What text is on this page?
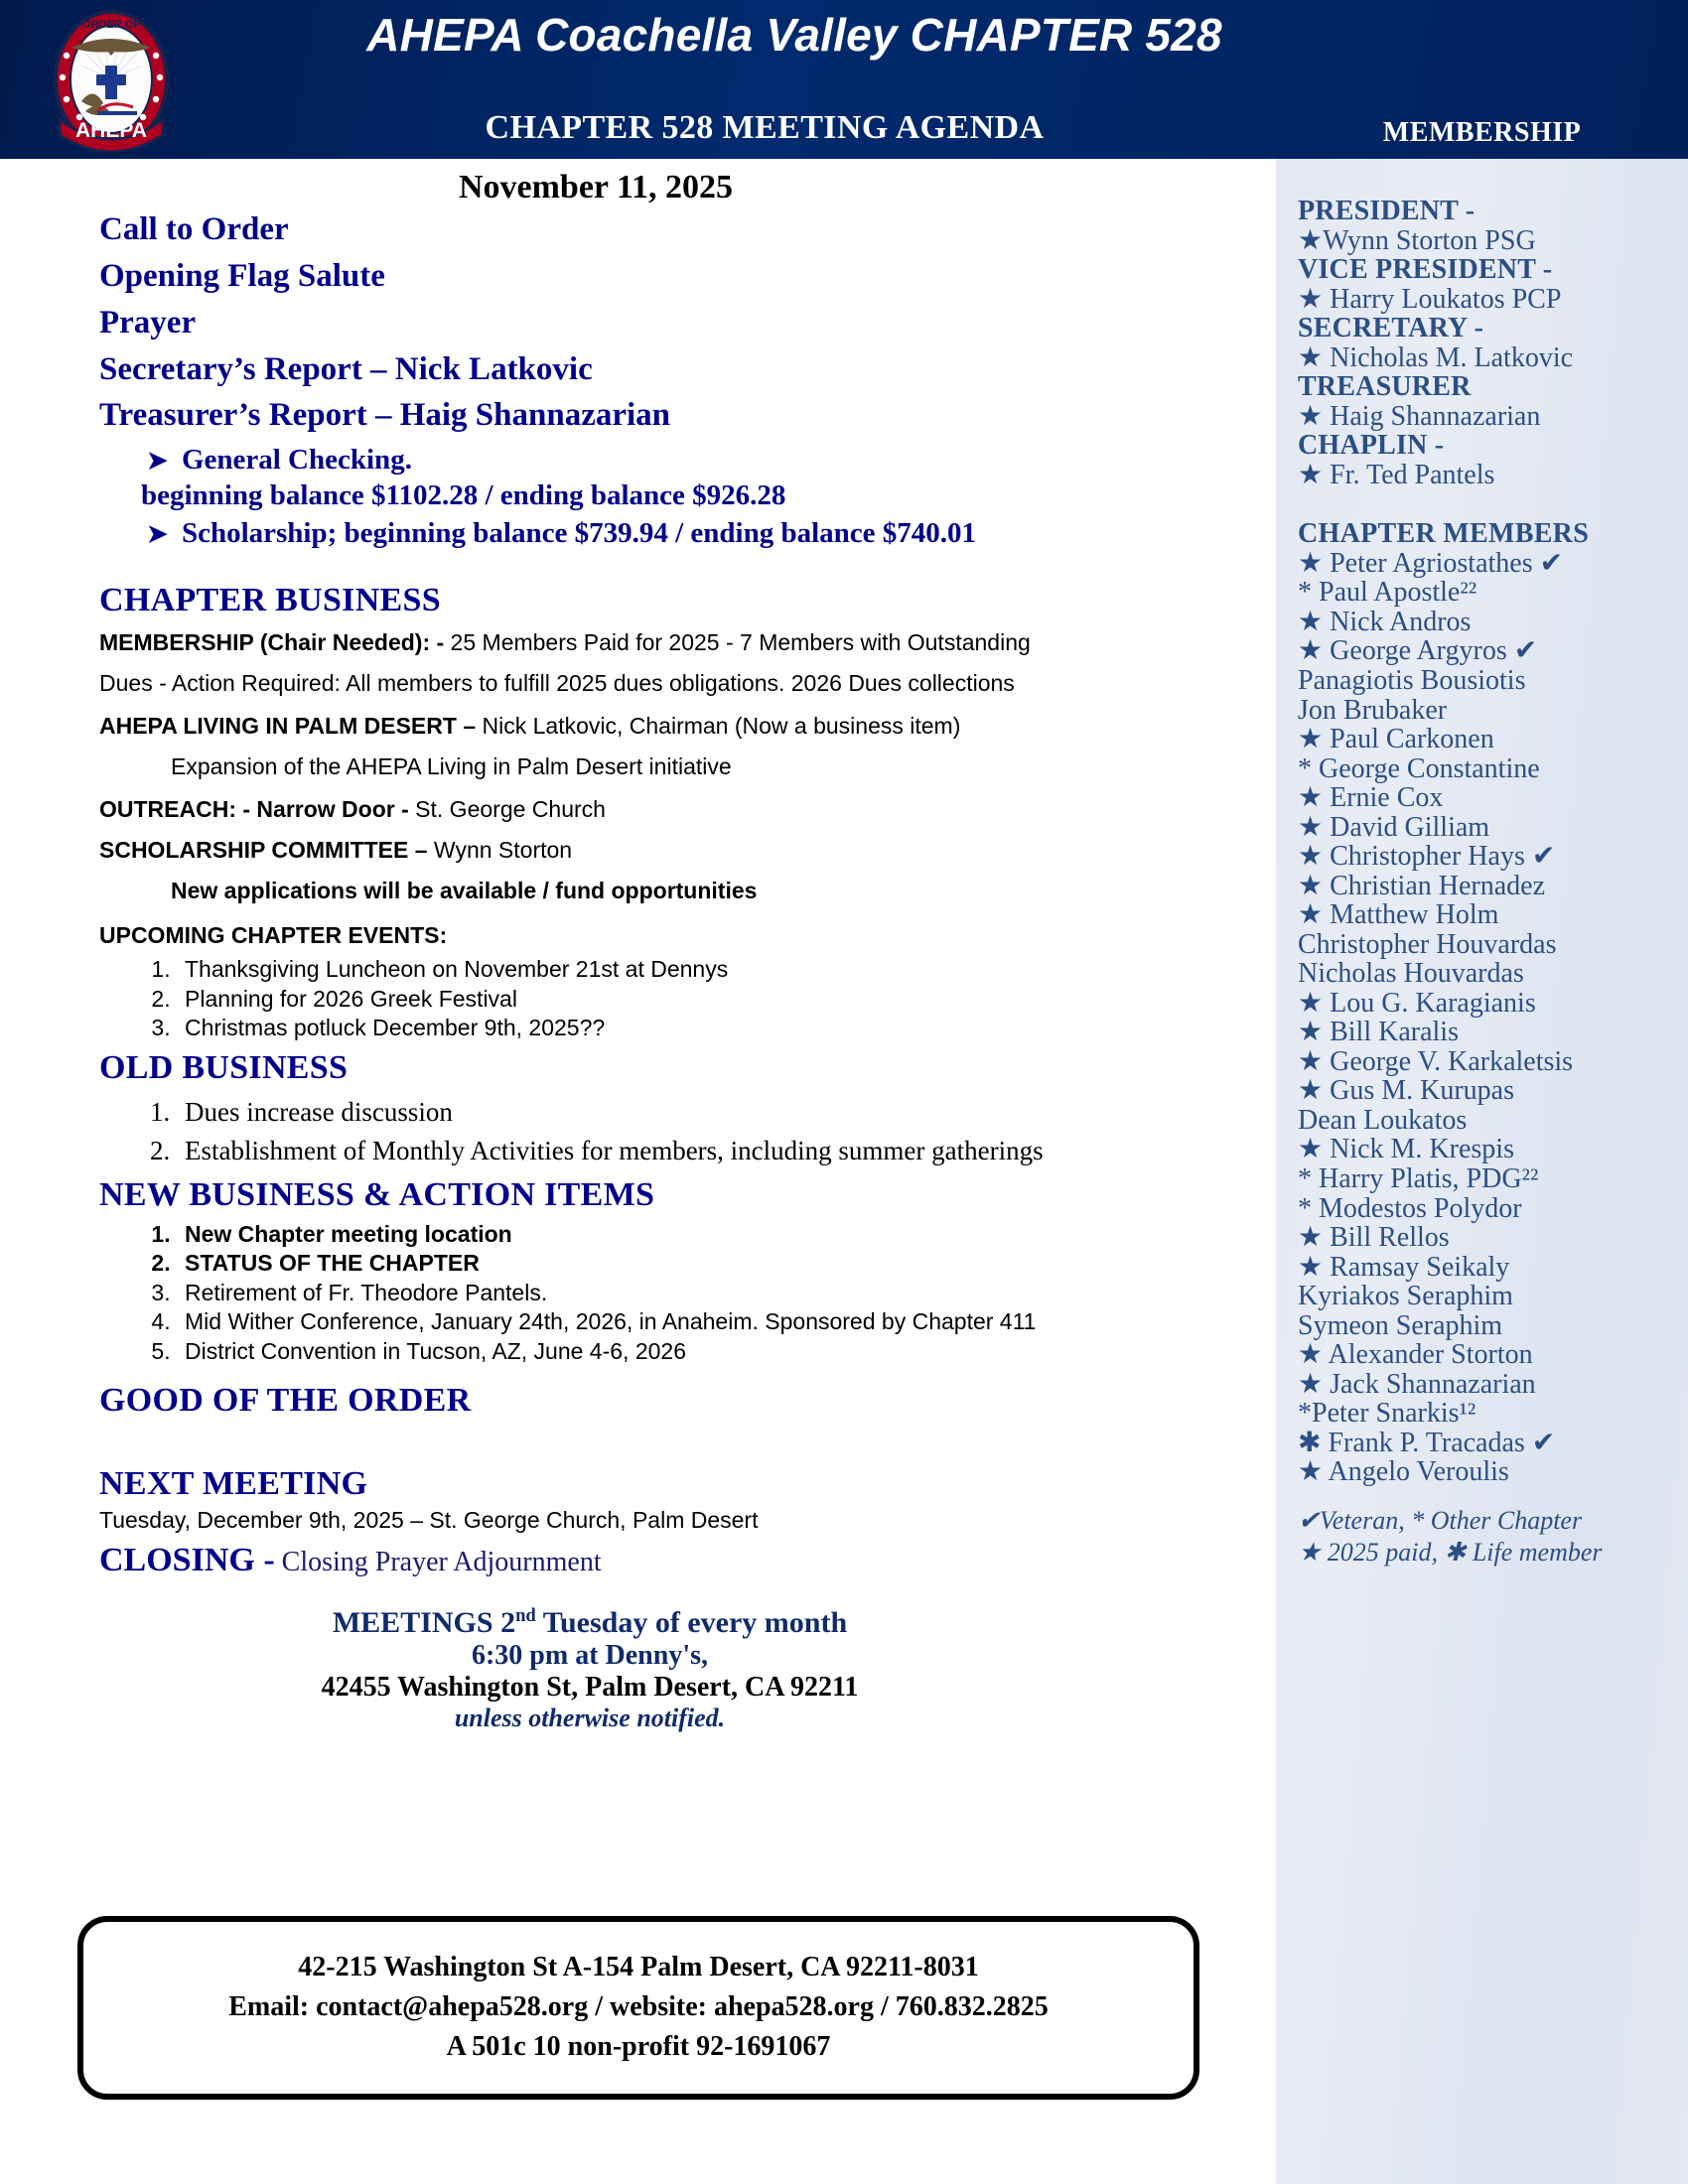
AHEPA
ORDER OF	AHEPA Coachella Valley CHAPTER 528
CHAPTER 528 MEETING AGENDA	MEMBERSHIP
PRESIDENT -
★Wynn Storton PSG
VICE PRESIDENT -
★ Harry Loukatos PCP
SECRETARY -
★ Nicholas M. Latkovic
TREASURER
★ Haig Shannazarian
CHAPLIN -
★ Fr. Ted Pantels
CHAPTER MEMBERS
★ Peter Agriostathes ✔
* Paul Apostle²²
★ Nick Andros
★ George Argyros ✔
Panagiotis Bousiotis
Jon Brubaker
★ Paul Carkonen
* George Constantine
★ Ernie Cox
★ David Gilliam
★ Christopher Hays ✔
★ Christian Hernadez
★ Matthew Holm
Christopher Houvardas
Nicholas Houvardas
★ Lou G. Karagianis
★ Bill Karalis
★ George V. Karkaletsis
★ Gus M. Kurupas
Dean Loukatos
★ Nick M. Krespis
* Harry Platis, PDG²²
* Modestos Polydor
★ Bill Rellos
★ Ramsay Seikaly
Kyriakos Seraphim
Symeon Seraphim
★ Alexander Storton
★ Jack Shannazarian
*Peter Snarkis¹²
✱ Frank P. Tracadas ✔
★ Angelo Veroulis
✔Veteran, * Other Chapter
★ 2025 paid, ✱ Life member
November 11, 2025
Call to Order
Opening Flag Salute
Prayer
Secretary’s Report – Nick Latkovic
Treasurer’s Report – Haig Shannazarian
➤ General Checking.
beginning balance $1102.28 / ending balance $926.28
➤ Scholarship; beginning balance $739.94 / ending balance $740.01
CHAPTER BUSINESS
MEMBERSHIP (Chair Needed): - 25 Members Paid for 2025 - 7 Members with Outstanding
Dues - Action Required: All members to fulfill 2025 dues obligations. 2026 Dues collections
AHEPA LIVING IN PALM DESERT – Nick Latkovic, Chairman (Now a business item)
Expansion of the AHEPA Living in Palm Desert initiative
OUTREACH: - Narrow Door - St. George Church
SCHOLARSHIP COMMITTEE – Wynn Storton
New applications will be available / fund opportunities
UPCOMING CHAPTER EVENTS:
1. Thanksgiving Luncheon on November 21st at Dennys
2. Planning for 2026 Greek Festival
3. Christmas potluck December 9th, 2025??
OLD BUSINESS
1. Dues increase discussion
2. Establishment of Monthly Activities for members, including summer gatherings
NEW BUSINESS & ACTION ITEMS
1. New Chapter meeting location
2. STATUS OF THE CHAPTER
3. Retirement of Fr. Theodore Pantels.
4. Mid Wither Conference, January 24th, 2026, in Anaheim. Sponsored by Chapter 411
5. District Convention in Tucson, AZ, June 4-6, 2026
GOOD OF THE ORDER
NEXT MEETING
Tuesday, December 9th, 2025 – St. George Church, Palm Desert
CLOSING - Closing Prayer Adjournment
MEETINGS 2nd Tuesday of every month
6:30 pm at Denny's,
42455 Washington St, Palm Desert, CA 92211
unless otherwise notified.
42-215 Washington St A-154 Palm Desert, CA 92211-8031
Email: contact@ahepa528.org / website: ahepa528.org / 760.832.2825
A 501c 10 non-profit 92-1691067
